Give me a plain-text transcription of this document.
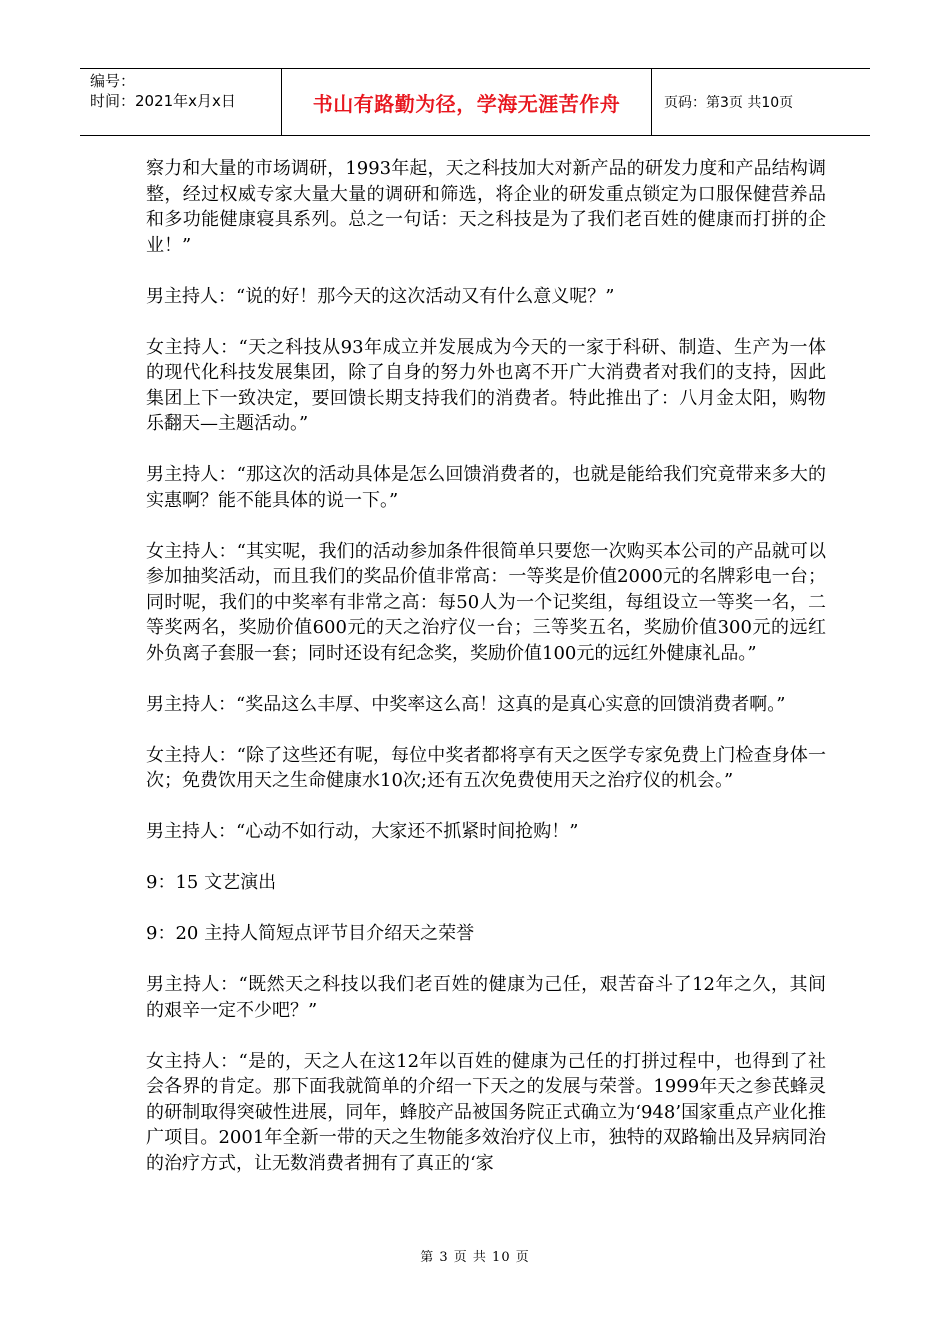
编号：
时间：2021年x月x日	书山有路勤为径，学海无涯苦作舟	页码：第3页 共10页

察力和大量的市场调研，1993年起，天之科技加大对新产品的研发力度和产品结构调整，经过权威专家大量大量的调研和筛选，将企业的研发重点锁定为口服保健营养品和多功能健康寝具系列。总之一句话：天之科技是为了我们老百姓的健康而打拼的企业！”

男主持人：“说的好！那今天的这次活动又有什么意义呢？”

女主持人：“天之科技从93年成立并发展成为今天的一家于科研、制造、生产为一体的现代化科技发展集团，除了自身的努力外也离不开广大消费者对我们的支持，因此集团上下一致决定，要回馈长期支持我们的消费者。特此推出了：八月金太阳，购物乐翻天—主题活动。”

男主持人：“那这次的活动具体是怎么回馈消费者的，也就是能给我们究竟带来多大的实惠啊？能不能具体的说一下。”

女主持人：“其实呢，我们的活动参加条件很简单只要您一次购买本公司的产品就可以参加抽奖活动，而且我们的奖品价值非常高：一等奖是价值2000元的名牌彩电一台；同时呢，我们的中奖率有非常之高：每50人为一个记奖组，每组设立一等奖一名，二等奖两名，奖励价值600元的天之治疗仪一台；三等奖五名，奖励价值300元的远红外负离子套服一套；同时还设有纪念奖，奖励价值100元的远红外健康礼品。”

男主持人：“奖品这么丰厚、中奖率这么高！这真的是真心实意的回馈消费者啊。”

女主持人：“除了这些还有呢，每位中奖者都将享有天之医学专家免费上门检查身体一次；免费饮用天之生命健康水10次;还有五次免费使用天之治疗仪的机会。”

男主持人：“心动不如行动，大家还不抓紧时间抢购！”

9：15 文艺演出

9：20 主持人简短点评节目介绍天之荣誉

男主持人：“既然天之科技以我们老百姓的健康为己任，艰苦奋斗了12年之久，其间的艰辛一定不少吧？”

女主持人：“是的，天之人在这12年以百姓的健康为己任的打拼过程中，也得到了社会各界的肯定。那下面我就简单的介绍一下天之的发展与荣誉。1999年天之参芪蜂灵的研制取得突破性进展，同年，蜂胶产品被国务院正式确立为‘948’国家重点产业化推广项目。2001年全新一带的天之生物能多效治疗仪上市，独特的双路输出及异病同治的治疗方式，让无数消费者拥有了真正的‘家

第 3 页 共 10 页
